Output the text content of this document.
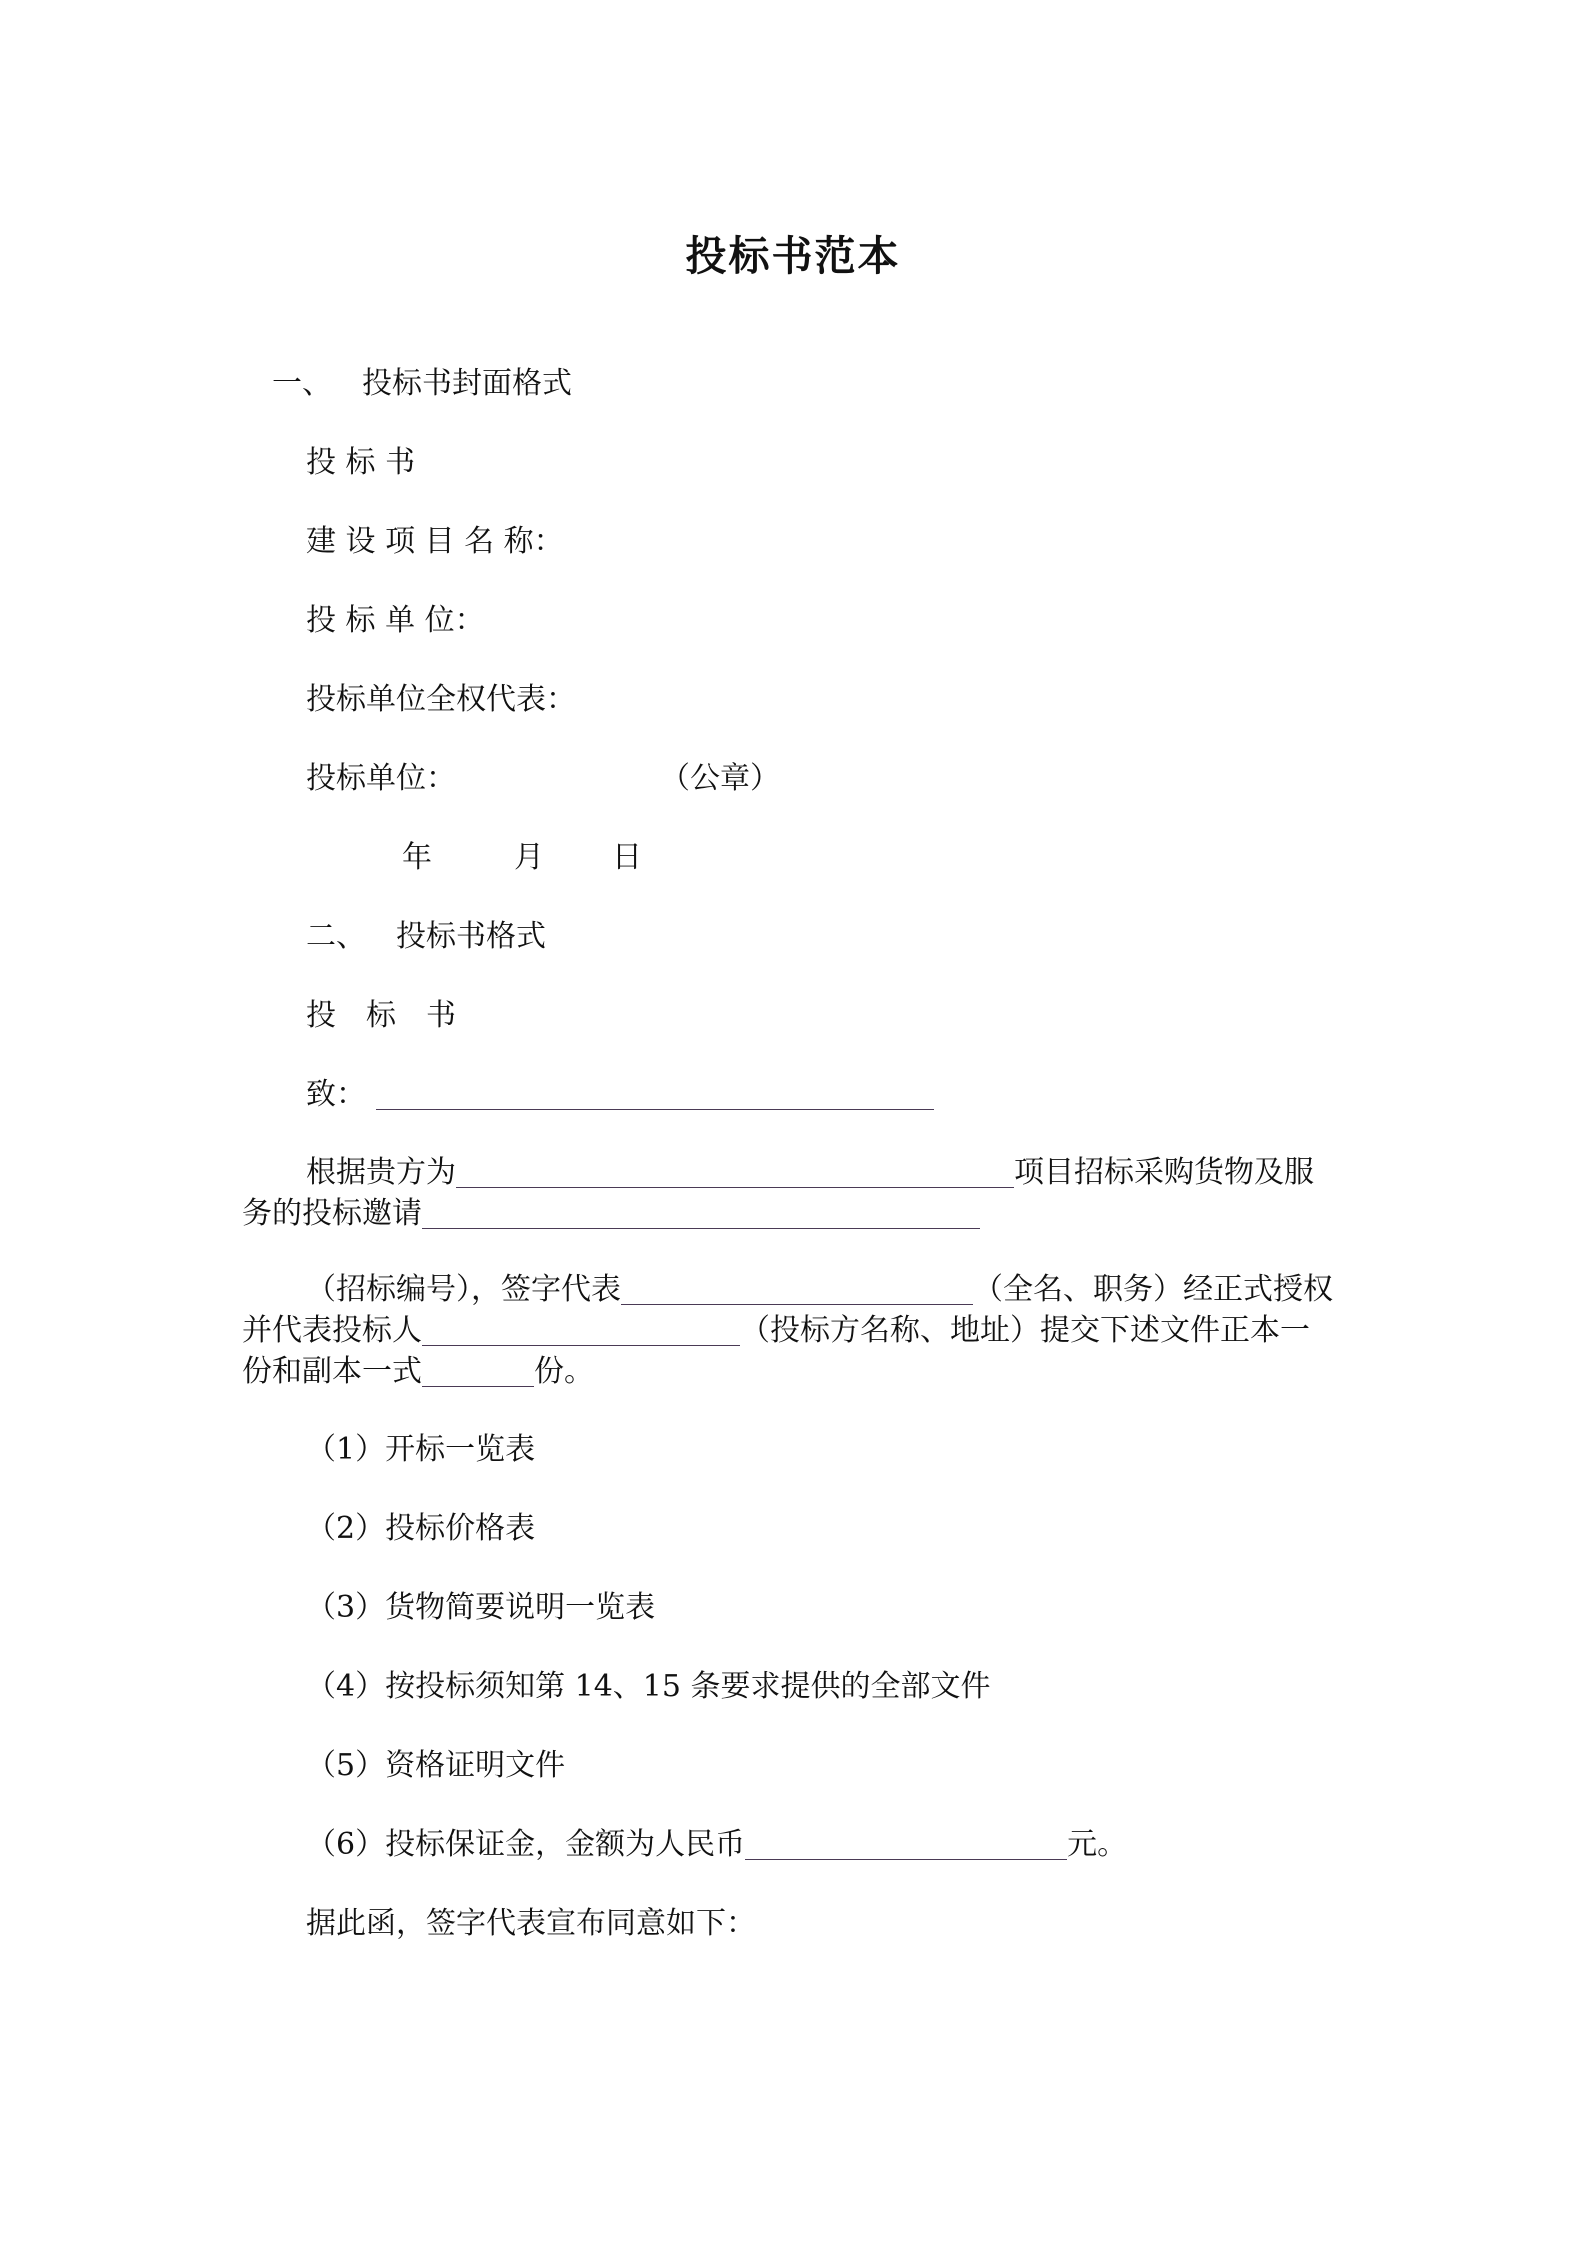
投标书范本
一、 投标书封面格式
投 标 书
建 设 项 目 名 称：
投 标 单 位：
投标单位全权代表：
投标单位：	（公章）
年	月 日
二、 投标书格式
投　标　书
致：
根据贵方为	项目招标采购货物及服
务的投标邀请
（招标编号），签字代表	（全名、职务）经正式授权
并代表投标人	（投标方名称、地址）提交下述文件正本一
份和副本一式	份。
（1）开标一览表
（2）投标价格表
（3）货物简要说明一览表
（4）按投标须知第 14、15 条要求提供的全部文件
（5）资格证明文件
（6）投标保证金，金额为人民币	元。
据此函，签字代表宣布同意如下：
